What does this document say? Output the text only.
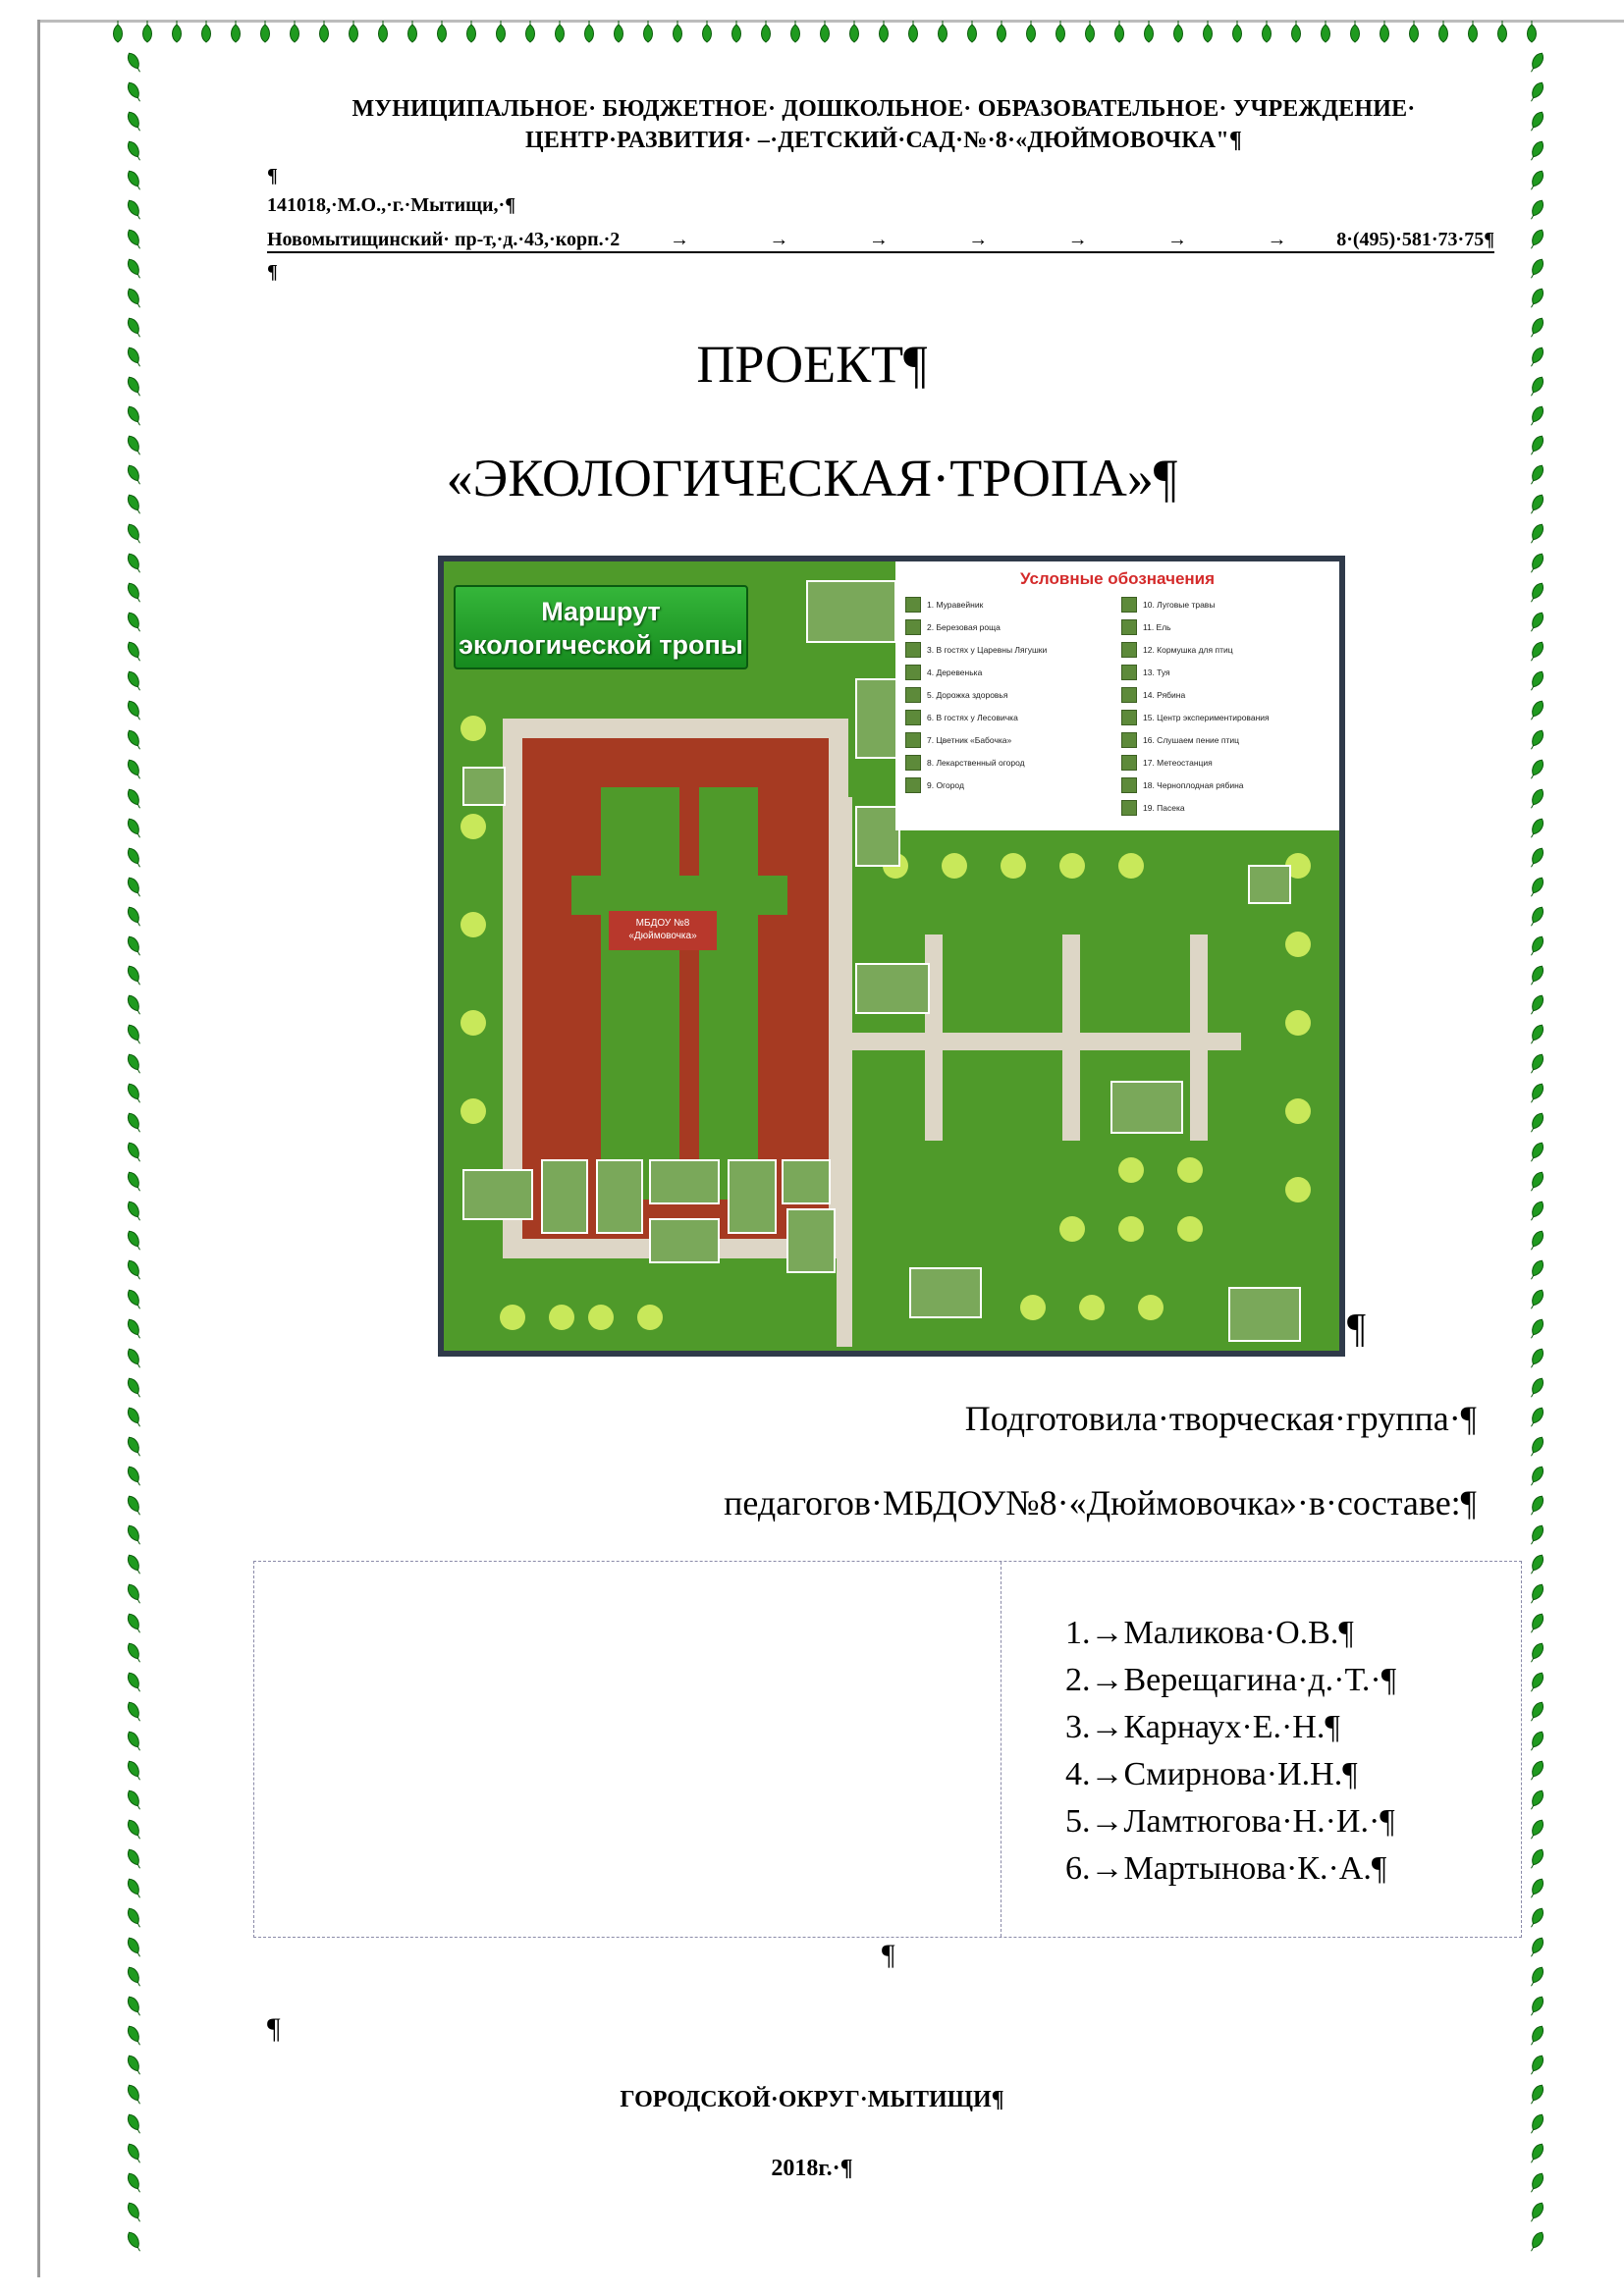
МУНИЦИПАЛЬНОЕ· БЮДЖЕТНОЕ· ДОШКОЛЬНОЕ· ОБРАЗОВАТЕЛЬНОЕ· УЧРЕЖДЕНИЕ·
ЦЕНТР·РАЗВИТИЯ· –·ДЕТСКИЙ·САД·№·8·«ДЮЙМОВОЧКА"¶
¶
141018,·М.О.,·г.·Мытищи,·¶
Новомытищинский· пр-т,·д.·43,·корп.·2	→	→	→	→	→	→	→	8·(495)·581·73·75¶
¶
ПРОЕКТ¶
«ЭКОЛОГИЧЕСКАЯ·ТРОПА»¶
Маршрут экологической тропы
МБДОУ №8 «Дюймовочка»
Условные обозначения
1. Муравейник
2. Березовая роща
3. В гостях у Царевны Лягушки
4. Деревенька
5. Дорожка здоровья
6. В гостях у Лесовичка
7. Цветник «Бабочка»
8. Лекарственный огород
9. Огород
10. Луговые травы
11. Ель
12. Кормушка для птиц
13. Туя
14. Рябина
15. Центр экспериментирования
16. Слушаем пение птиц
17. Метеостанция
18. Черноплодная рябина
19. Пасека
¶
Подготовила·творческая·группа·¶
педагогов·МБДОУ№8·«Дюймовочка»·в·составе:¶
1.→Маликова·О.В.¶
2.→Верещагина·д.·Т.·¶
3.→Карнаух·Е.·Н.¶
4.→Смирнова·И.Н.¶
5.→Ламтюгова·Н.·И.·¶
6.→Мартынова·К.·А.¶
¶
¶
ГОРОДСКОЙ·ОКРУГ·МЫТИЩИ¶
2018г.·¶
